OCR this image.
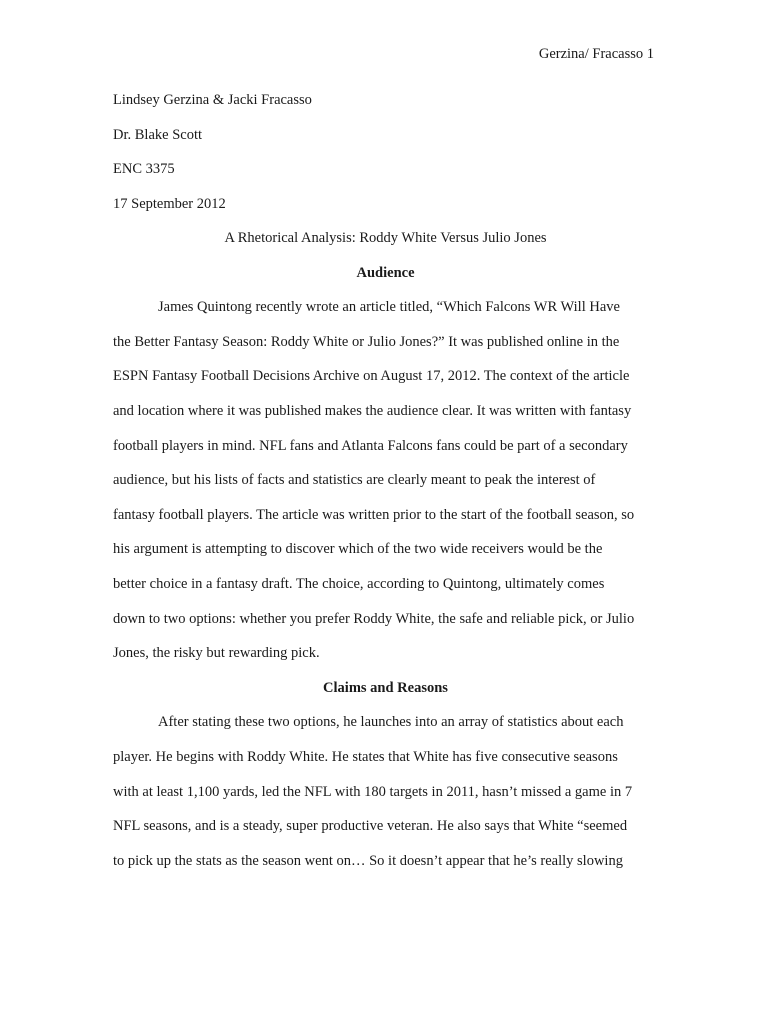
Gerzina/ Fracasso 1

Lindsey Gerzina & Jacki Fracasso

Dr. Blake Scott

ENC 3375

17 September 2012

A Rhetorical Analysis: Roddy White Versus Julio Jones

Audience

James Quintong recently wrote an article titled, “Which Falcons WR Will Have

the Better Fantasy Season: Roddy White or Julio Jones?” It was published online in the

ESPN Fantasy Football Decisions Archive on August 17, 2012. The context of the article

and location where it was published makes the audience clear. It was written with fantasy

football players in mind. NFL fans and Atlanta Falcons fans could be part of a secondary

audience, but his lists of facts and statistics are clearly meant to peak the interest of

fantasy football players. The article was written prior to the start of the football season, so

his argument is attempting to discover which of the two wide receivers would be the

better choice in a fantasy draft. The choice, according to Quintong, ultimately comes

down to two options: whether you prefer Roddy White, the safe and reliable pick, or Julio

Jones, the risky but rewarding pick.

Claims and Reasons

After stating these two options, he launches into an array of statistics about each

player. He begins with Roddy White. He states that White has five consecutive seasons

with at least 1,100 yards, led the NFL with 180 targets in 2011, hasn’t missed a game in 7

NFL seasons, and is a steady, super productive veteran. He also says that White “seemed

to pick up the stats as the season went on… So it doesn’t appear that he’s really slowing
